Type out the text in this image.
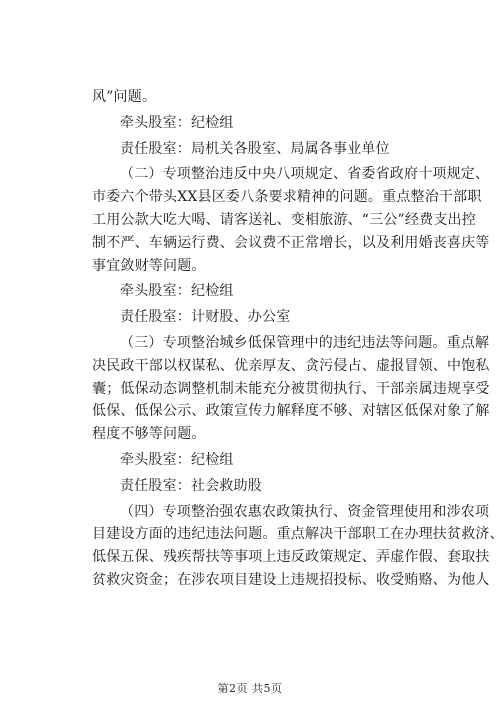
风”问题。
牵头股室：纪检组
责任股室：局机关各股室、局属各事业单位
（二）专项整治违反中央八项规定、省委省政府十项规定、
市委六个带头XX县区委八条要求精神的问题。重点整治干部职
工用公款大吃大喝、请客送礼、变相旅游、“三公”经费支出控
制不严、车辆运行费、会议费不正常增长，以及利用婚丧喜庆等
事宜敛财等问题。
牵头股室：纪检组
责任股室：计财股、办公室
（三）专项整治城乡低保管理中的违纪违法等问题。重点解
决民政干部以权谋私、优亲厚友、贪污侵占、虚报冒领、中饱私
囊；低保动态调整机制未能充分被贯彻执行、干部亲属违规享受
低保、低保公示、政策宣传力解释度不够、对辖区低保对象了解
程度不够等问题。
牵头股室：纪检组
责任股室：社会救助股
（四）专项整治强农惠农政策执行、资金管理使用和涉农项
目建设方面的违纪违法问题。重点解决干部职工在办理扶贫救济、
低保五保、残疾帮扶等事项上违反政策规定、弄虚作假、套取扶
贫救灾资金；在涉农项目建设上违规招投标、收受贿赂、为他人
第2页 共5页
